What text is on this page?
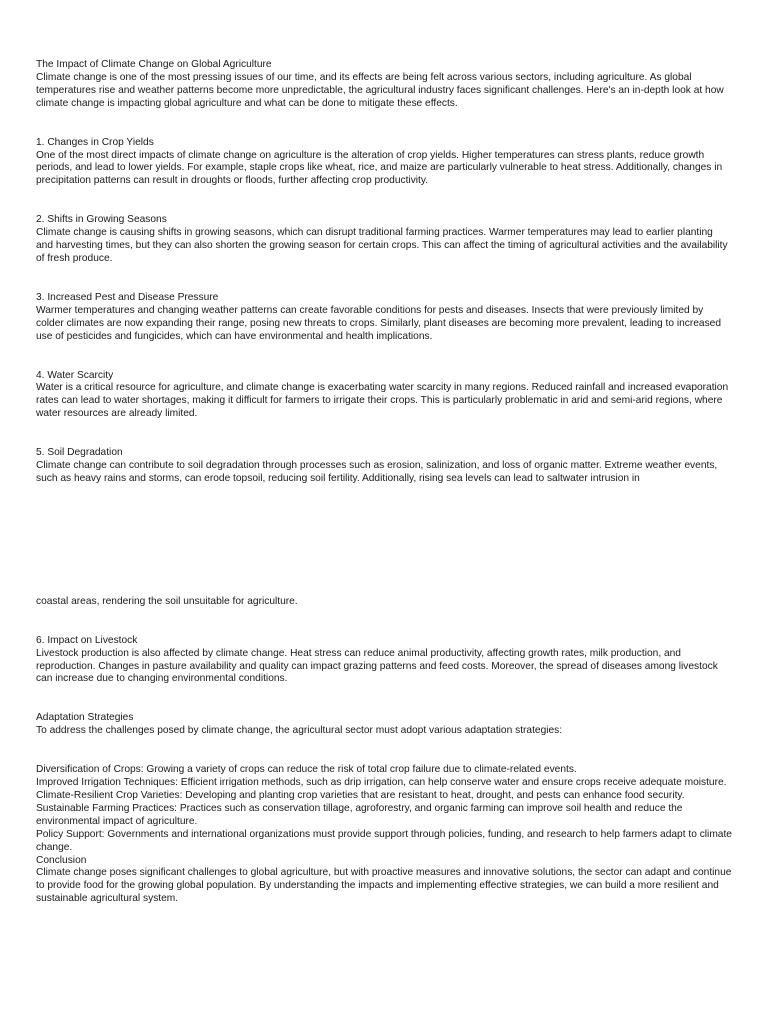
The Impact of Climate Change on Global Agriculture

Climate change is one of the most pressing issues of our time, and its effects are being felt across various sectors, including agriculture. As global temperatures rise and weather patterns become more unpredictable, the agricultural industry faces significant challenges. Here's an in-depth look at how climate change is impacting global agriculture and what can be done to mitigate these effects.

1. Changes in Crop Yields

One of the most direct impacts of climate change on agriculture is the alteration of crop yields. Higher temperatures can stress plants, reduce growth periods, and lead to lower yields. For example, staple crops like wheat, rice, and maize are particularly vulnerable to heat stress. Additionally, changes in precipitation patterns can result in droughts or floods, further affecting crop productivity.

2. Shifts in Growing Seasons

Climate change is causing shifts in growing seasons, which can disrupt traditional farming practices. Warmer temperatures may lead to earlier planting and harvesting times, but they can also shorten the growing season for certain crops. This can affect the timing of agricultural activities and the availability of fresh produce.

3. Increased Pest and Disease Pressure

Warmer temperatures and changing weather patterns can create favorable conditions for pests and diseases. Insects that were previously limited by colder climates are now expanding their range, posing new threats to crops. Similarly, plant diseases are becoming more prevalent, leading to increased use of pesticides and fungicides, which can have environmental and health implications.

4. Water Scarcity

Water is a critical resource for agriculture, and climate change is exacerbating water scarcity in many regions. Reduced rainfall and increased evaporation rates can lead to water shortages, making it difficult for farmers to irrigate their crops. This is particularly problematic in arid and semi-arid regions, where water resources are already limited.

5. Soil Degradation

Climate change can contribute to soil degradation through processes such as erosion, salinization, and loss of organic matter. Extreme weather events, such as heavy rains and storms, can erode topsoil, reducing soil fertility. Additionally, rising sea levels can lead to saltwater intrusion in

coastal areas, rendering the soil unsuitable for agriculture.

6. Impact on Livestock

Livestock production is also affected by climate change. Heat stress can reduce animal productivity, affecting growth rates, milk production, and reproduction. Changes in pasture availability and quality can impact grazing patterns and feed costs. Moreover, the spread of diseases among livestock can increase due to changing environmental conditions.

Adaptation Strategies

To address the challenges posed by climate change, the agricultural sector must adopt various adaptation strategies:

Diversification of Crops: Growing a variety of crops can reduce the risk of total crop failure due to climate-related events.

Improved Irrigation Techniques: Efficient irrigation methods, such as drip irrigation, can help conserve water and ensure crops receive adequate moisture.

Climate-Resilient Crop Varieties: Developing and planting crop varieties that are resistant to heat, drought, and pests can enhance food security.

Sustainable Farming Practices: Practices such as conservation tillage, agroforestry, and organic farming can improve soil health and reduce the environmental impact of agriculture.

Policy Support: Governments and international organizations must provide support through policies, funding, and research to help farmers adapt to climate change.

Conclusion

Climate change poses significant challenges to global agriculture, but with proactive measures and innovative solutions, the sector can adapt and continue to provide food for the growing global population. By understanding the impacts and implementing effective strategies, we can build a more resilient and sustainable agricultural system.
